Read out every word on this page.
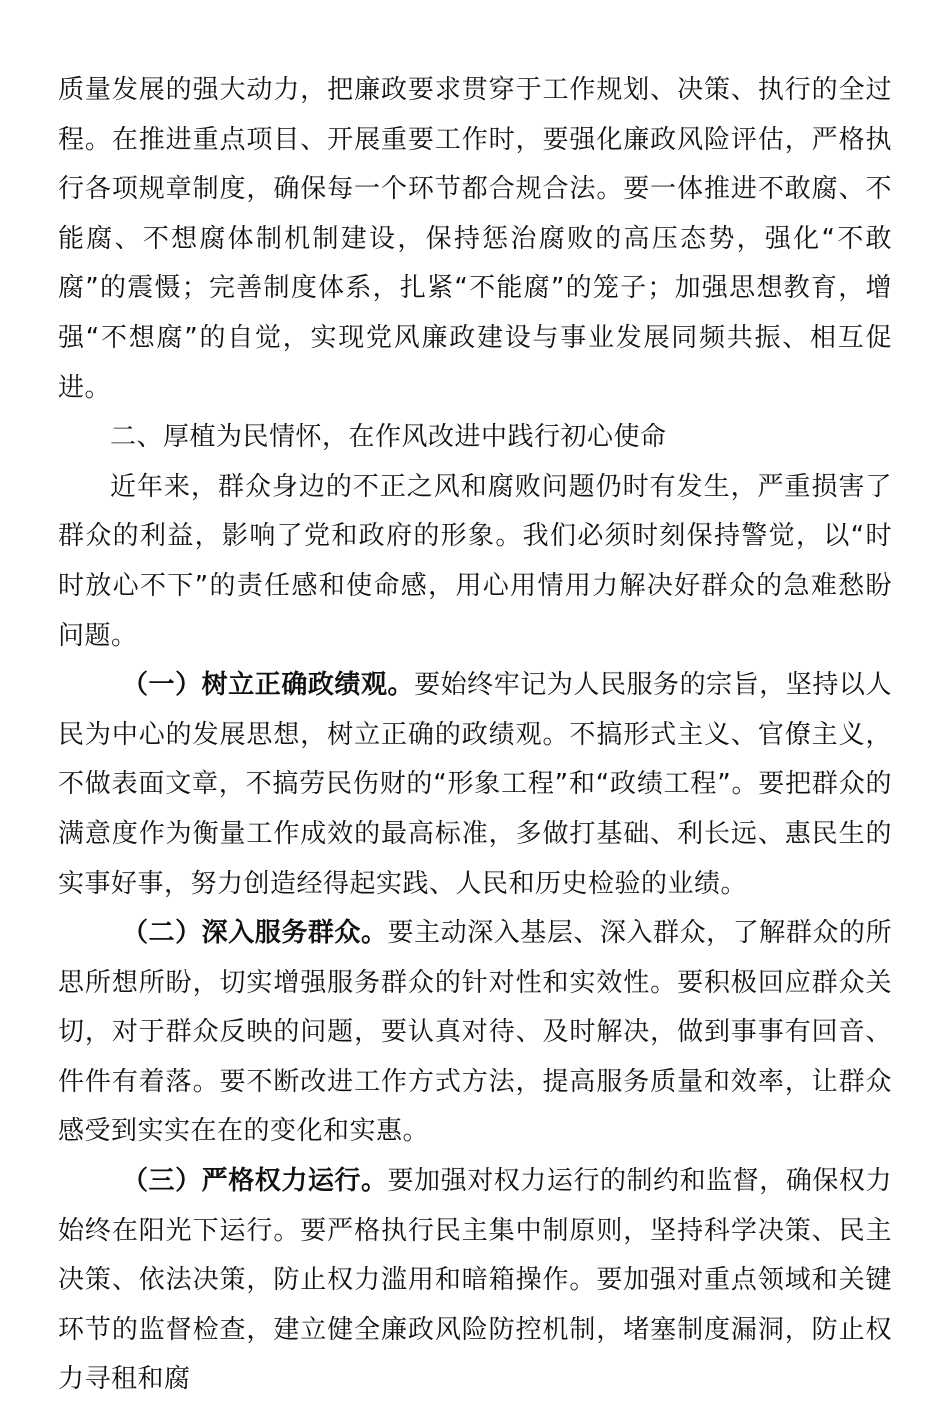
质量发展的强大动力，把廉政要求贯穿于工作规划、决策、执行的全过程。在推进重点项目、开展重要工作时，要强化廉政风险评估，严格执行各项规章制度，确保每一个环节都合规合法。要一体推进不敢腐、不能腐、不想腐体制机制建设，保持惩治腐败的高压态势，强化“不敢腐”的震慑；完善制度体系，扎紧“不能腐”的笼子；加强思想教育，增强“不想腐”的自觉，实现党风廉政建设与事业发展同频共振、相互促进。

二、厚植为民情怀，在作风改进中践行初心使命

近年来，群众身边的不正之风和腐败问题仍时有发生，严重损害了群众的利益，影响了党和政府的形象。我们必须时刻保持警觉，以“时时放心不下”的责任感和使命感，用心用情用力解决好群众的急难愁盼问题。

（一）树立正确政绩观。要始终牢记为人民服务的宗旨，坚持以人民为中心的发展思想，树立正确的政绩观。不搞形式主义、官僚主义，不做表面文章，不搞劳民伤财的“形象工程”和“政绩工程”。要把群众的满意度作为衡量工作成效的最高标准，多做打基础、利长远、惠民生的实事好事，努力创造经得起实践、人民和历史检验的业绩。

（二）深入服务群众。要主动深入基层、深入群众，了解群众的所思所想所盼，切实增强服务群众的针对性和实效性。要积极回应群众关切，对于群众反映的问题，要认真对待、及时解决，做到事事有回音、件件有着落。要不断改进工作方式方法，提高服务质量和效率，让群众感受到实实在在的变化和实惠。

（三）严格权力运行。要加强对权力运行的制约和监督，确保权力始终在阳光下运行。要严格执行民主集中制原则，坚持科学决策、民主决策、依法决策，防止权力滥用和暗箱操作。要加强对重点领域和关键环节的监督检查，建立健全廉政风险防控机制，堵塞制度漏洞，防止权力寻租和腐
